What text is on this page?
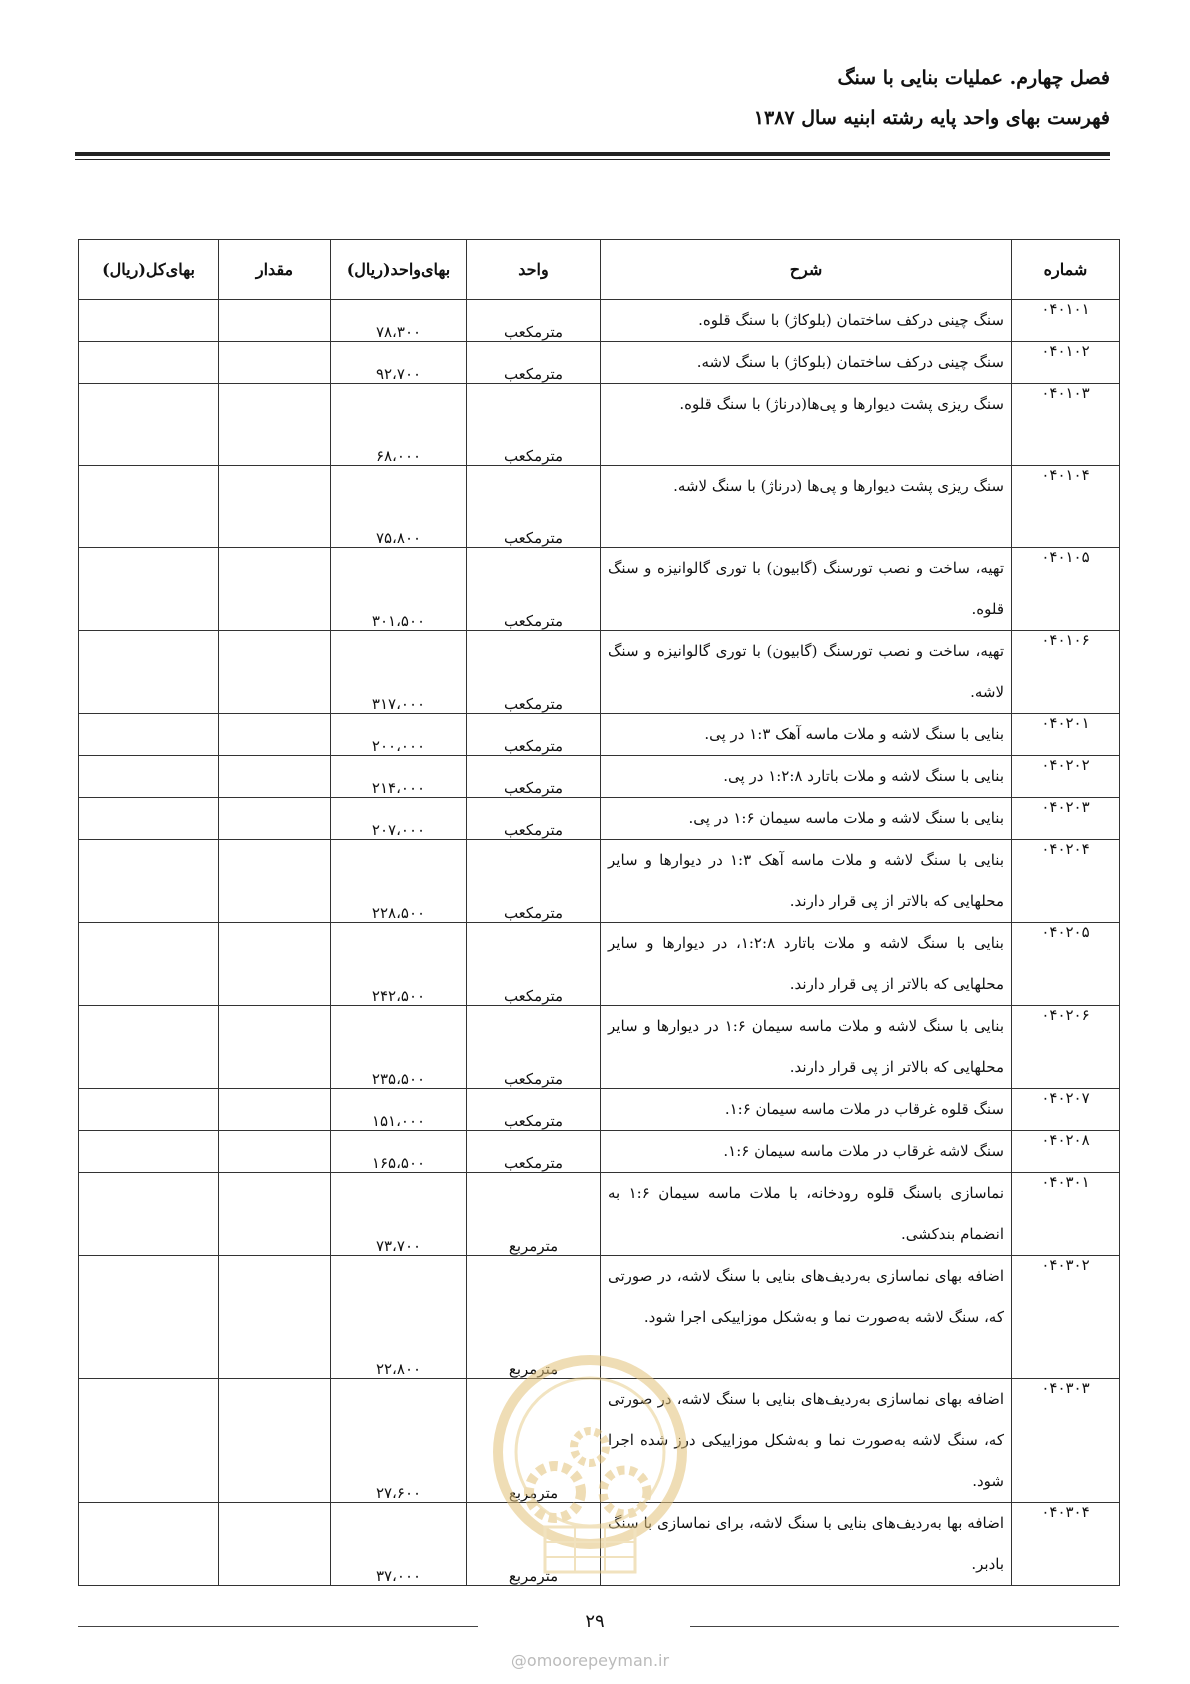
فصل چهارم. عملیات بنایی با سنگ
فهرست بهای واحد پایه رشته ابنیه سال ۱۳۸۷
شماره	شرح	واحد	بهای‌واحد(ریال)	مقدار	بهای‌کل(ریال)
۰۴۰۱۰۱	سنگ چینی درکف ساختمان (بلوکاژ) با سنگ قلوه.	مترمکعب	۷۸،۳۰۰		
۰۴۰۱۰۲	سنگ چینی درکف ساختمان (بلوکاژ) با سنگ لاشه.	مترمکعب	۹۲،۷۰۰		
۰۴۰۱۰۳	سنگ ریزی پشت دیوارها و پی‌ها(درناژ) با سنگ قلوه.	مترمکعب	۶۸،۰۰۰		
۰۴۰۱۰۴	سنگ ریزی پشت دیوارها و پی‌ها (درناژ) با سنگ لاشه.	مترمکعب	۷۵،۸۰۰		
۰۴۰۱۰۵	تهیه، ساخت و نصب تورسنگ (گابیون) با توری گالوانیزه و سنگ قلوه.	مترمکعب	۳۰۱،۵۰۰		
۰۴۰۱۰۶	تهیه، ساخت و نصب تورسنگ (گابیون) با توری گالوانیزه و سنگ لاشه.	مترمکعب	۳۱۷،۰۰۰		
۰۴۰۲۰۱	بنایی با سنگ لاشه و ملات ماسه آهک ۱:۳ در پی.	مترمکعب	۲۰۰،۰۰۰		
۰۴۰۲۰۲	بنایی با سنگ لاشه و ملات باتارد ۱:۲:۸ در پی.	مترمکعب	۲۱۴،۰۰۰		
۰۴۰۲۰۳	بنایی با سنگ لاشه و ملات ماسه سیمان ۱:۶ در پی.	مترمکعب	۲۰۷،۰۰۰		
۰۴۰۲۰۴	بنایی با سنگ لاشه و ملات ماسه آهک ۱:۳ در دیوارها و سایر محلهایی که بالاتر از پی قرار دارند.	مترمکعب	۲۲۸،۵۰۰		
۰۴۰۲۰۵	بنایی با سنگ لاشه و ملات باتارد ۱:۲:۸، در دیوارها و سایر محلهایی که بالاتر از پی قرار دارند.	مترمکعب	۲۴۲،۵۰۰		
۰۴۰۲۰۶	بنایی با سنگ لاشه و ملات ماسه سیمان ۱:۶ در دیوارها و سایر محلهایی که بالاتر از پی قرار دارند.	مترمکعب	۲۳۵،۵۰۰		
۰۴۰۲۰۷	سنگ قلوه غرقاب در ملات ماسه سیمان ۱:۶.	مترمکعب	۱۵۱،۰۰۰		
۰۴۰۲۰۸	سنگ لاشه غرقاب در ملات ماسه سیمان ۱:۶.	مترمکعب	۱۶۵،۵۰۰		
۰۴۰۳۰۱	نماسازی باسنگ قلوه رودخانه، با ملات ماسه سیمان ۱:۶ به انضمام بندکشی.	مترمربع	۷۳،۷۰۰		
۰۴۰۳۰۲	اضافه بهای نماسازی به‌ردیف‌های بنایی با سنگ لاشه، در صورتی که، سنگ لاشه به‌صورت نما و به‌شکل موزاییکی اجرا شود.	مترمربع	۲۲،۸۰۰		
۰۴۰۳۰۳	اضافه بهای نماسازی به‌ردیف‌های بنایی با سنگ لاشه، در صورتی که، سنگ لاشه به‌صورت نما و به‌شکل موزاییکی درز شده اجرا شود.	مترمربع	۲۷،۶۰۰		
۰۴۰۳۰۴	اضافه بها به‌ردیف‌های بنایی با سنگ لاشه، برای نماسازی با سنگ بادبر.	مترمربع	۳۷،۰۰۰		
۲۹
@omoorepeyman.ir
